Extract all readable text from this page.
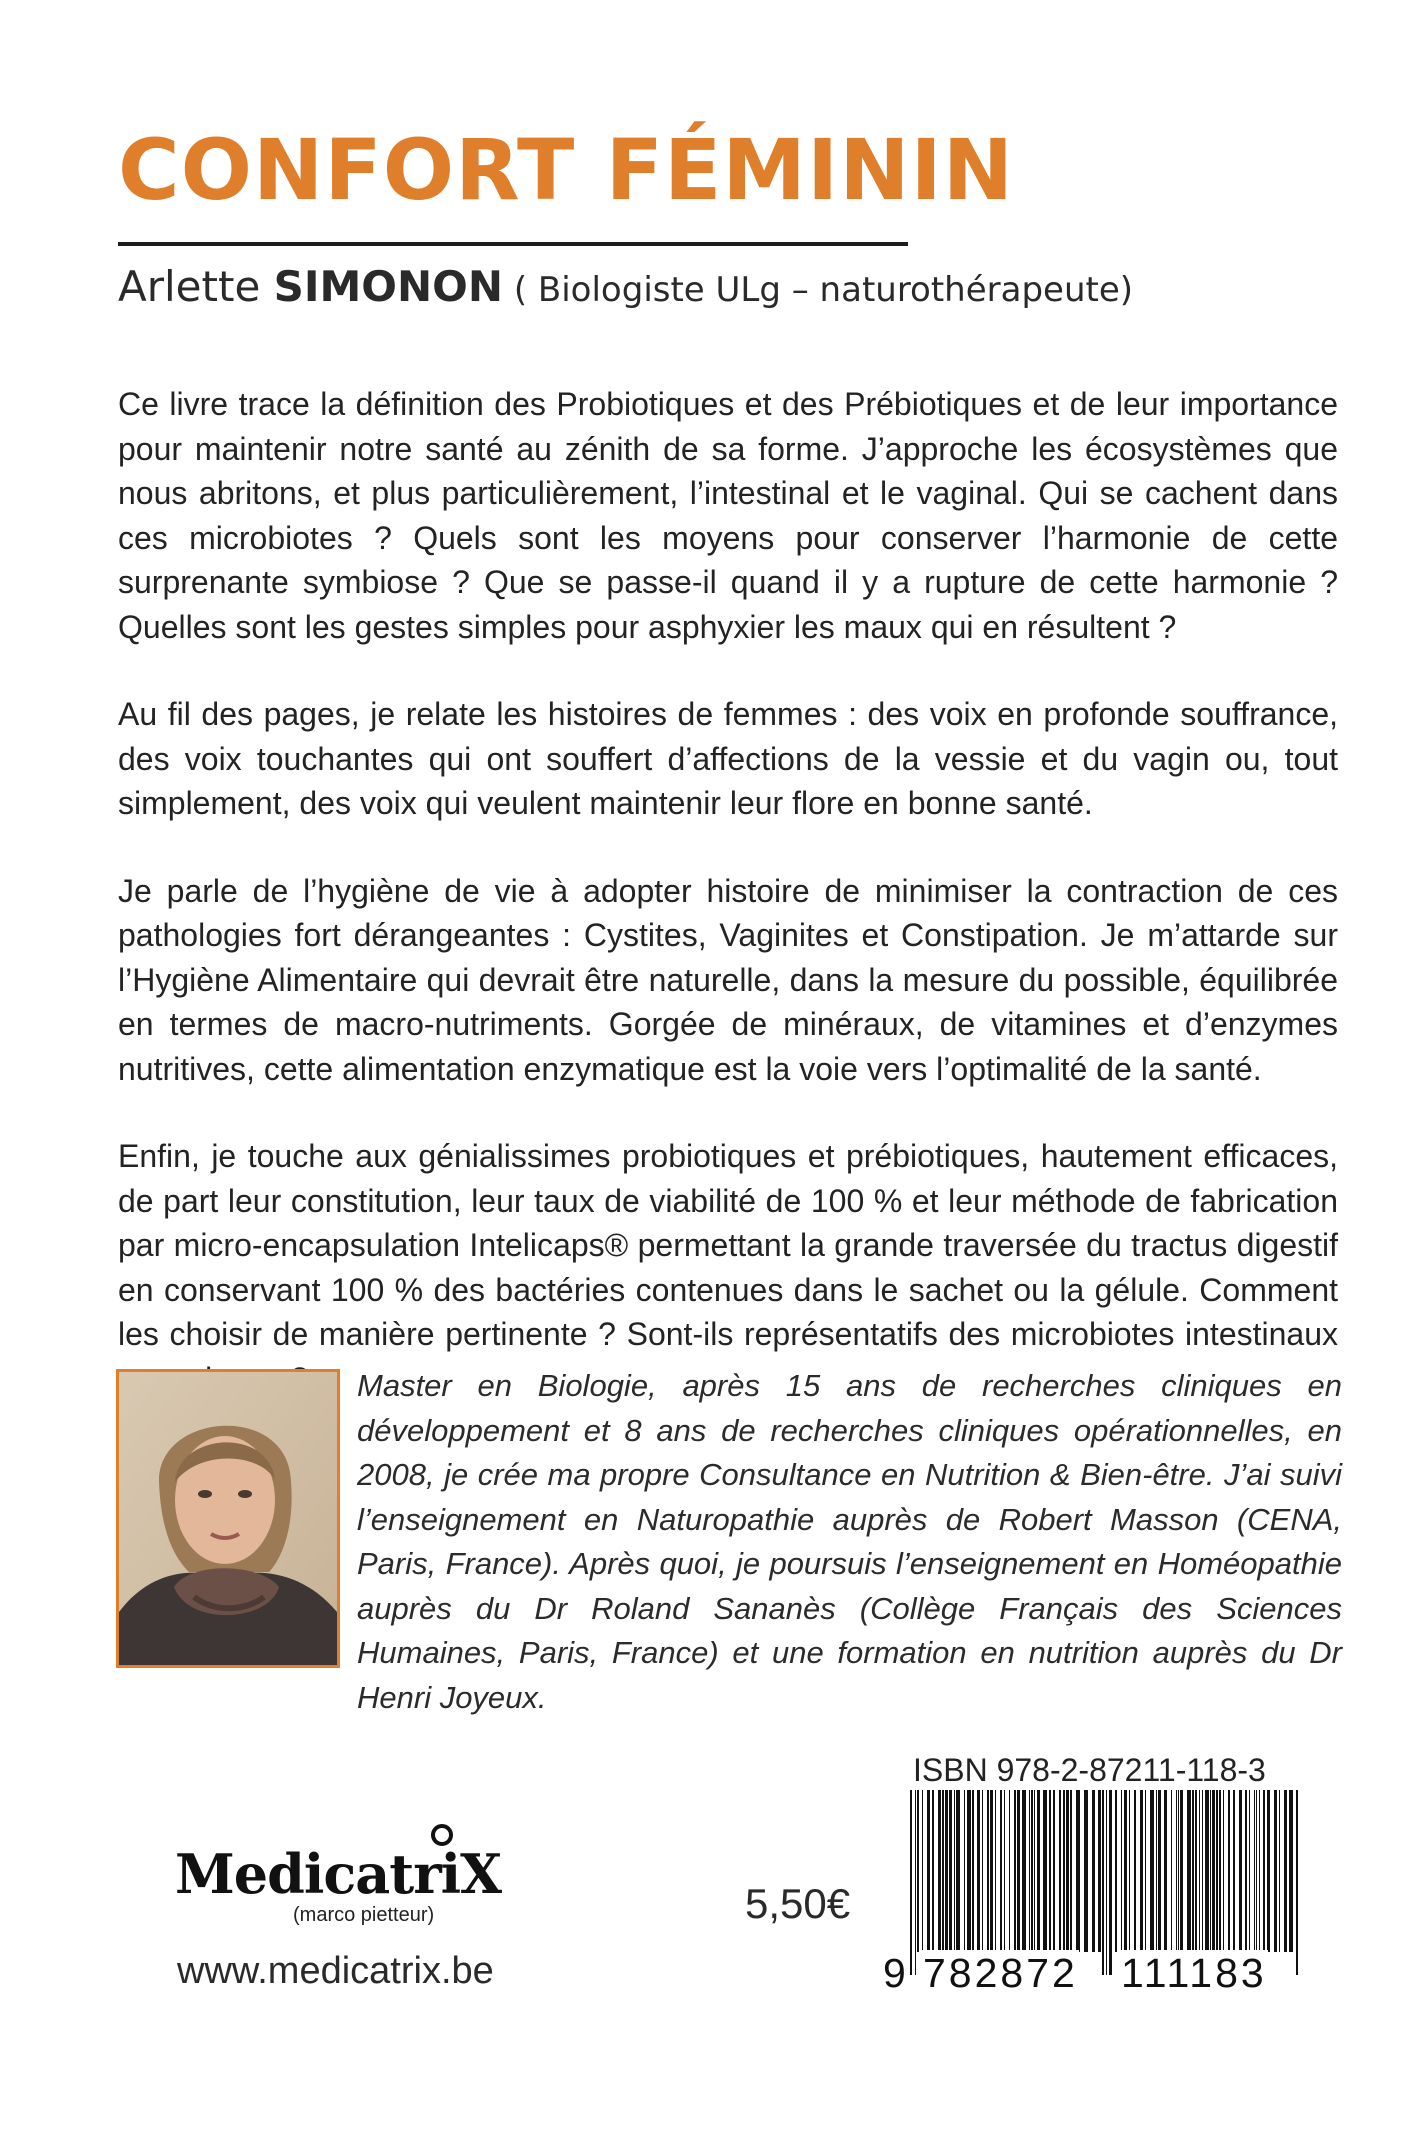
CONFORT FÉMININ
Arlette SIMONON ( Biologiste ULg – naturothérapeute)

Ce livre trace la définition des Probiotiques et des Prébiotiques et de leur importance pour maintenir notre santé au zénith de sa forme. J’approche les écosystèmes que nous abritons, et plus particulièrement, l’intestinal et le vaginal. Qui se cachent dans ces microbiotes ? Quels sont les moyens pour conserver l’harmonie de cette surprenante symbiose ? Que se passe-il quand il y a rupture de cette harmonie ? Quelles sont les gestes simples pour asphyxier les maux qui en résultent ?

Au fil des pages, je relate les histoires de femmes : des voix en profonde souffrance, des voix touchantes qui ont souffert d’affections de la vessie et du vagin ou, tout simplement, des voix qui veulent maintenir leur flore en bonne santé.

Je parle de l’hygiène de vie à adopter histoire de minimiser la contraction de ces pathologies fort dérangeantes : Cystites, Vaginites et Constipation. Je m’attarde sur l’Hygiène Alimentaire qui devrait être naturelle, dans la mesure du possible, équilibrée en termes de macro-nutriments. Gorgée de minéraux, de vitamines et d’enzymes nutritives, cette alimentation enzymatique est la voie vers l’optimalité de la santé.

Enfin, je touche aux génialissimes probiotiques et prébiotiques, hautement efficaces, de part leur constitution, leur taux de viabilité de 100 % et leur méthode de fabrication par micro-encapsulation Intelicaps® permettant la grande traversée du tractus digestif en conservant 100 % des bactéries contenues dans le sachet ou la gélule. Comment les choisir de manière pertinente ? Sont-ils représentatifs des microbiotes intestinaux

Master en Biologie, après 15 ans de recherches cliniques en développement et 8 ans de recherches cliniques opérationnelles, en 2008, je crée ma propre Consultance en Nutrition & Bien-être. J’ai suivi l’enseignement en Naturopathie auprès de Robert Masson (CENA, Paris, France). Après quoi, je poursuis l’enseignement en Homéopathie auprès du Dr Roland Sananès (Collège Français des Sciences Humaines, Paris, France) et une formation en nutrition auprès du Dr Henri Joyeux.

ISBN 978-2-87211-118-3
9 782872 111183
5,50€
MedicatriX
(marco pietteur)
www.medicatrix.be
